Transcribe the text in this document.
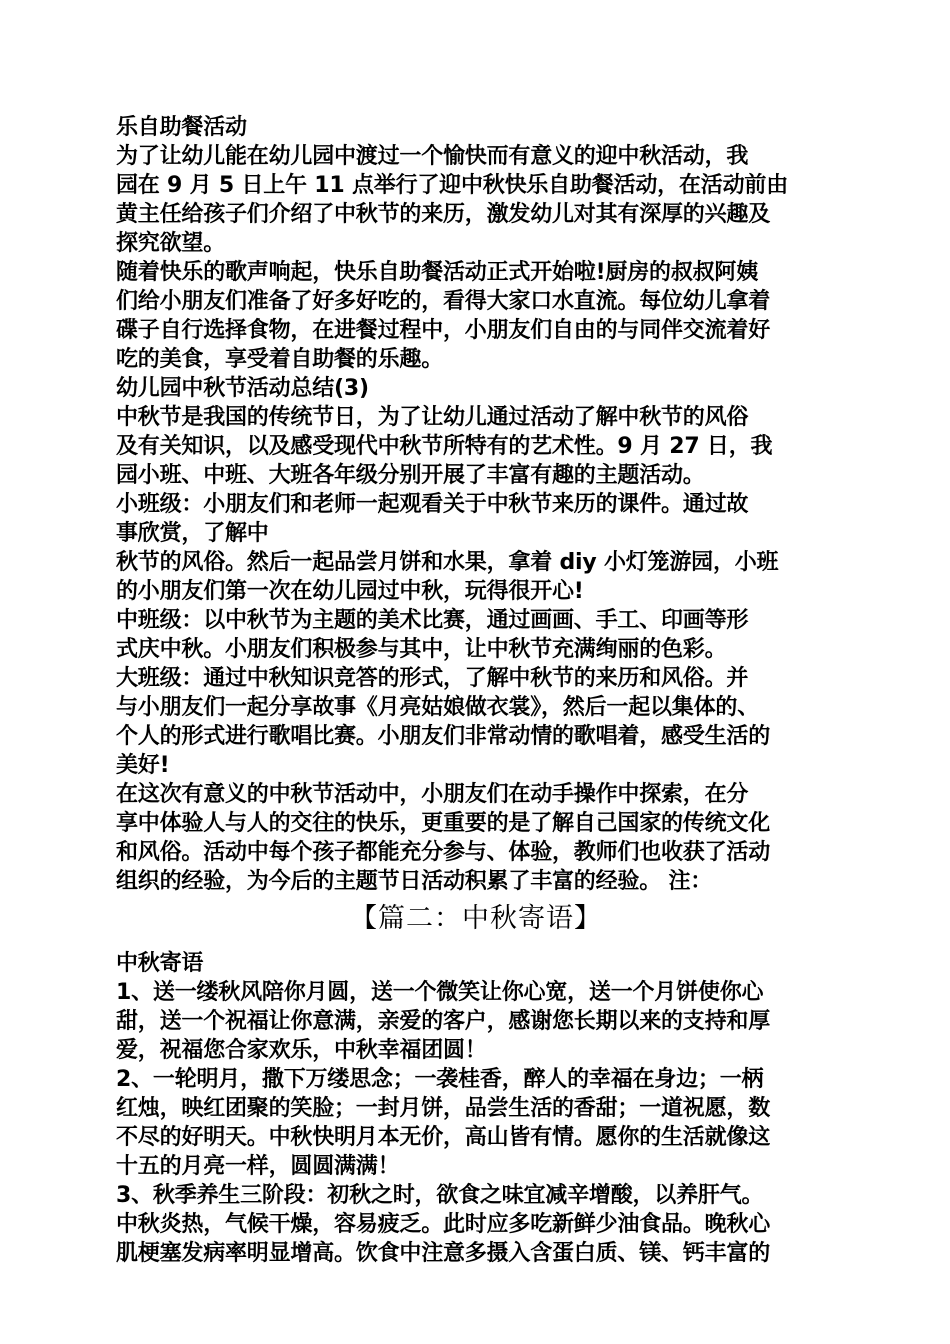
乐自助餐活动
为了让幼儿能在幼儿园中渡过一个愉快而有意义的迎中秋活动，我
园在 9 月 5 日上午 11 点举行了迎中秋快乐自助餐活动，在活动前由
黄主任给孩子们介绍了中秋节的来历，激发幼儿对其有深厚的兴趣及
探究欲望。
随着快乐的歌声响起，快乐自助餐活动正式开始啦!厨房的叔叔阿姨
们给小朋友们准备了好多好吃的，看得大家口水直流。每位幼儿拿着
碟子自行选择食物，在进餐过程中，小朋友们自由的与同伴交流着好
吃的美食，享受着自助餐的乐趣。
幼儿园中秋节活动总结(3)
中秋节是我国的传统节日，为了让幼儿通过活动了解中秋节的风俗
及有关知识，以及感受现代中秋节所特有的艺术性。9 月 27 日，我
园小班、中班、大班各年级分别开展了丰富有趣的主题活动。
小班级：小朋友们和老师一起观看关于中秋节来历的课件。通过故
事欣赏，了解中
秋节的风俗。然后一起品尝月饼和水果，拿着 diy 小灯笼游园，小班
的小朋友们第一次在幼儿园过中秋，玩得很开心!
中班级：以中秋节为主题的美术比赛，通过画画、手工、印画等形
式庆中秋。小朋友们积极参与其中，让中秋节充满绚丽的色彩。
大班级：通过中秋知识竞答的形式，了解中秋节的来历和风俗。并
与小朋友们一起分享故事《月亮姑娘做衣裳》，然后一起以集体的、
个人的形式进行歌唱比赛。小朋友们非常动情的歌唱着，感受生活的
美好!
在这次有意义的中秋节活动中，小朋友们在动手操作中探索，在分
享中体验人与人的交往的快乐，更重要的是了解自己国家的传统文化
和风俗。活动中每个孩子都能充分参与、体验，教师们也收获了活动
组织的经验，为今后的主题节日活动积累了丰富的经验。 注：
【篇二：中秋寄语】
中秋寄语
1、送一缕秋风陪你月圆，送一个微笑让你心宽，送一个月饼使你心
甜，送一个祝福让你意满，亲爱的客户，感谢您长期以来的支持和厚
爱，祝福您合家欢乐，中秋幸福团圆！
2、一轮明月，撒下万缕思念；一袭桂香，醉人的幸福在身边；一柄
红烛，映红团聚的笑脸；一封月饼，品尝生活的香甜；一道祝愿，数
不尽的好明天。中秋快明月本无价，高山皆有情。愿你的生活就像这
十五的月亮一样，圆圆满满！
3、秋季养生三阶段：初秋之时，欲食之味宜减辛增酸，以养肝气。
中秋炎热，气候干燥，容易疲乏。此时应多吃新鲜少油食品。晚秋心
肌梗塞发病率明显增高。饮食中注意多摄入含蛋白质、镁、钙丰富的
